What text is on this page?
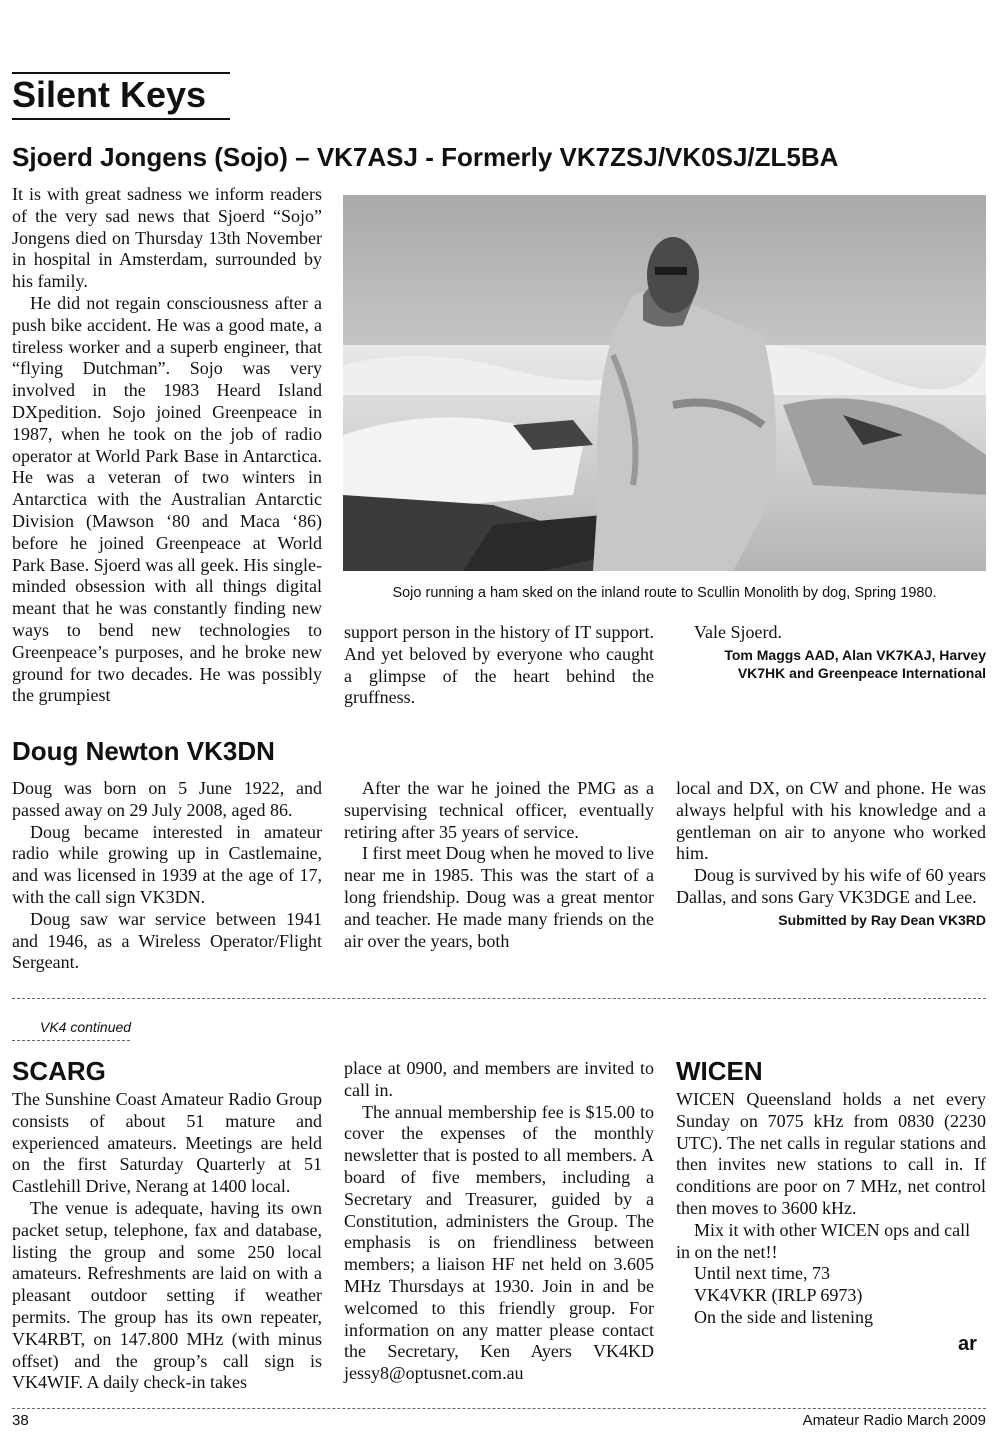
Silent Keys
Sjoerd Jongens (Sojo) – VK7ASJ - Formerly VK7ZSJ/VK0SJ/ZL5BA

It is with great sadness we inform readers of the very sad news that Sjoerd “Sojo” Jongens died on Thursday 13th November in hospital in Amsterdam, surrounded by his family.

He did not regain consciousness after a push bike accident. He was a good mate, a tireless worker and a superb engineer, that “flying Dutchman”. Sojo was very involved in the 1983 Heard Island DXpedition. Sojo joined Greenpeace in 1987, when he took on the job of radio operator at World Park Base in Antarctica. He was a veteran of two winters in Antarctica with the Australian Antarctic Division (Mawson ‘80 and Maca ‘86) before he joined Greenpeace at World Park Base. Sjoerd was all geek. His single-minded obsession with all things digital meant that he was constantly finding new ways to bend new technologies to Greenpeace’s purposes, and he broke new ground for two decades. He was possibly the grumpiest

Sojo running a ham sked on the inland route to Scullin Monolith by dog, Spring 1980.

support person in the history of IT support. And yet beloved by everyone who caught a glimpse of the heart behind the gruffness.

Vale Sjoerd.
Tom Maggs AAD, Alan VK7KAJ, Harvey VK7HK and Greenpeace International
Doug Newton VK3DN

Doug was born on 5 June 1922, and passed away on 29 July 2008, aged 86.

Doug became interested in amateur radio while growing up in Castlemaine, and was licensed in 1939 at the age of 17, with the call sign VK3DN.

Doug saw war service between 1941 and 1946, as a Wireless Operator/Flight Sergeant.

After the war he joined the PMG as a supervising technical officer, eventually retiring after 35 years of service.

I first meet Doug when he moved to live near me in 1985. This was the start of a long friendship. Doug was a great mentor and teacher. He made many friends on the air over the years, both

local and DX, on CW and phone. He was always helpful with his knowledge and a gentleman on air to anyone who worked him.

Doug is survived by his wife of 60 years Dallas, and sons Gary VK3DGE and Lee.

Submitted by Ray Dean VK3RD
VK4 continued
SCARG

The Sunshine Coast Amateur Radio Group consists of about 51 mature and experienced amateurs. Meetings are held on the first Saturday Quarterly at 51 Castlehill Drive, Nerang at 1400 local.

The venue is adequate, having its own packet setup, telephone, fax and database, listing the group and some 250 local amateurs. Refreshments are laid on with a pleasant outdoor setting if weather permits. The group has its own repeater, VK4RBT, on 147.800 MHz (with minus offset) and the group’s call sign is VK4WIF. A daily check-in takes

place at 0900, and members are invited to call in.

The annual membership fee is $15.00 to cover the expenses of the monthly newsletter that is posted to all members. A board of five members, including a Secretary and Treasurer, guided by a Constitution, administers the Group. The emphasis is on friendliness between members; a liaison HF net held on 3.605 MHz Thursdays at 1930. Join in and be welcomed to this friendly group. For information on any matter please contact the Secretary, Ken Ayers VK4KD jessy8@optusnet.com.au

WICEN

WICEN Queensland holds a net every Sunday on 7075 kHz from 0830 (2230 UTC). The net calls in regular stations and then invites new stations to call in. If conditions are poor on 7 MHz, net control then moves to 3600 kHz.

Mix it with other WICEN ops and call in on the net!!

Until next time, 73
VK4VKR (IRLP 6973)
On the side and listening
ar
38	Amateur Radio March 2009
